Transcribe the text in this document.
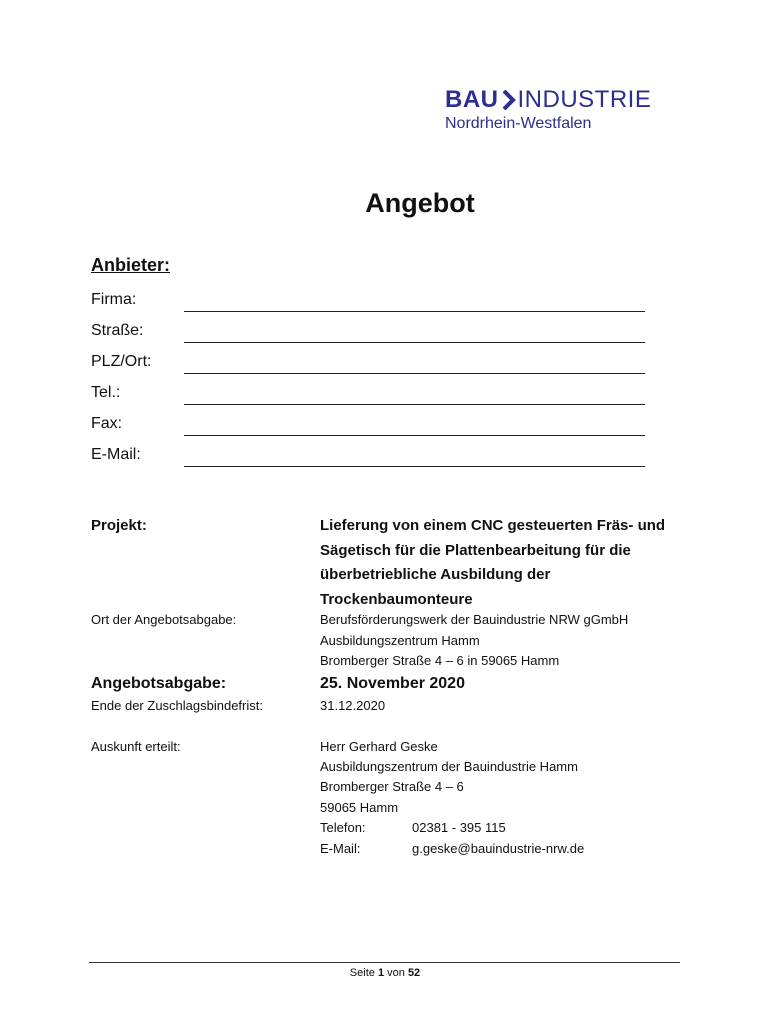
BAU INDUSTRIE
Nordrhein-Westfalen
Angebot
Anbieter:
Firma:
Straße:
PLZ/Ort:
Tel.:
Fax:
E-Mail:
Projekt:	Lieferung von einem CNC gesteuerten Fräs- und
Sägetisch für die Plattenbearbeitung für die
überbetriebliche Ausbildung der
Trockenbaumonteure
Ort der Angebotsabgabe:	Berufsförderungswerk der Bauindustrie NRW gGmbH
Ausbildungszentrum Hamm
Bromberger Straße 4 – 6 in 59065 Hamm
Angebotsabgabe:	25. November 2020
Ende der Zuschlagsbindefrist:	31.12.2020
Auskunft erteilt:	Herr Gerhard Geske
Ausbildungszentrum der Bauindustrie Hamm
Bromberger Straße 4 – 6
59065 Hamm
Telefon:	02381 - 395 115
E-Mail:	g.geske@bauindustrie-nrw.de
Seite 1 von 52
